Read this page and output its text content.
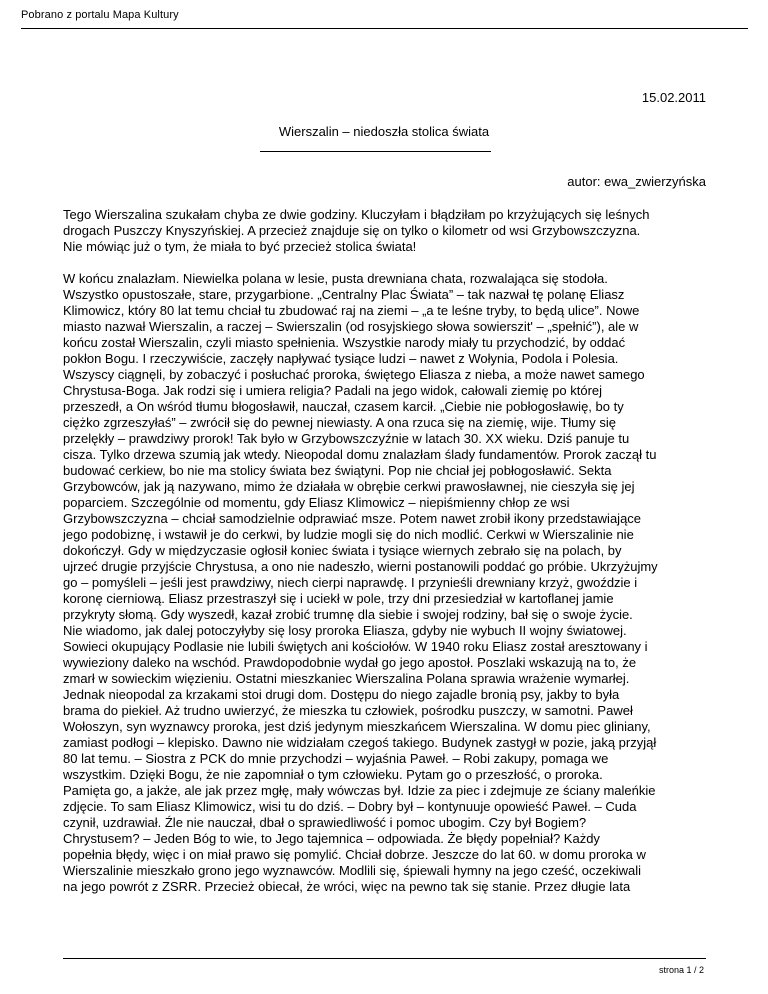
Pobrano z portalu Mapa Kultury
15.02.2011
Wierszalin – niedoszła stolica świata
autor: ewa_zwierzyńska

Tego Wierszalina szukałam chyba ze dwie godziny. Kluczyłam i błądziłam po krzyżujących się leśnych
drogach Puszczy Knyszyńskiej. A przecież znajduje się on tylko o kilometr od wsi Grzybowszczyzna.
Nie mówiąc już o tym, że miała to być przecież stolica świata!

W końcu znalazłam. Niewielka polana w lesie, pusta drewniana chata, rozwalająca się stodoła.
Wszystko opustoszałe, stare, przygarbione. „Centralny Plac Świata” – tak nazwał tę polanę Eliasz
Klimowicz, który 80 lat temu chciał tu zbudować raj na ziemi – „a te leśne tryby, to będą ulice”. Nowe
miasto nazwał Wierszalin, a raczej – Swierszalin (od rosyjskiego słowa sowierszit' – „spełnić”), ale w
końcu został Wierszalin, czyli miasto spełnienia. Wszystkie narody miały tu przychodzić, by oddać
pokłon Bogu. I rzeczywiście, zaczęły napływać tysiące ludzi – nawet z Wołynia, Podola i Polesia.
Wszyscy ciągnęli, by zobaczyć i posłuchać proroka, świętego Eliasza z nieba, a może nawet samego
Chrystusa-Boga. Jak rodzi się i umiera religia? Padali na jego widok, całowali ziemię po której
przeszedł, a On wśród tłumu błogosławił, nauczał, czasem karcił. „Ciebie nie pobłogosławię, bo ty
ciężko zgrzeszyłaś” – zwrócił się do pewnej niewiasty. A ona rzuca się na ziemię, wije. Tłumy się
przelękły – prawdziwy prorok! Tak było w Grzybowszczyźnie w latach 30. XX wieku. Dziś panuje tu
cisza. Tylko drzewa szumią jak wtedy. Nieopodal domu znalazłam ślady fundamentów. Prorok zaczął tu
budować cerkiew, bo nie ma stolicy świata bez świątyni. Pop nie chciał jej pobłogosławić. Sekta
Grzybowców, jak ją nazywano, mimo że działała w obrębie cerkwi prawosławnej, nie cieszyła się jej
poparciem. Szczególnie od momentu, gdy Eliasz Klimowicz – niepiśmienny chłop ze wsi
Grzybowszczyzna – chciał samodzielnie odprawiać msze. Potem nawet zrobił ikony przedstawiające
jego podobiznę, i wstawił je do cerkwi, by ludzie mogli się do nich modlić. Cerkwi w Wierszalinie nie
dokończył. Gdy w międzyczasie ogłosił koniec świata i tysiące wiernych zebrało się na polach, by
ujrzeć drugie przyjście Chrystusa, a ono nie nadeszło, wierni postanowili poddać go próbie. Ukrzyżujmy
go – pomyśleli – jeśli jest prawdziwy, niech cierpi naprawdę. I przynieśli drewniany krzyż, gwoździe i
koronę cierniową. Eliasz przestraszył się i uciekł w pole, trzy dni przesiedział w kartoflanej jamie
przykryty słomą. Gdy wyszedł, kazał zrobić trumnę dla siebie i swojej rodziny, bał się o swoje życie.
Nie wiadomo, jak dalej potoczyłyby się losy proroka Eliasza, gdyby nie wybuch II wojny światowej.
Sowieci okupujący Podlasie nie lubili świętych ani kościołów. W 1940 roku Eliasz został aresztowany i
wywieziony daleko na wschód. Prawdopodobnie wydał go jego apostoł. Poszlaki wskazują na to, że
zmarł w sowieckim więzieniu. Ostatni mieszkaniec Wierszalina Polana sprawia wrażenie wymarłej.
Jednak nieopodal za krzakami stoi drugi dom. Dostępu do niego zajadle bronią psy, jakby to była
brama do piekieł. Aż trudno uwierzyć, że mieszka tu człowiek, pośrodku puszczy, w samotni. Paweł
Wołoszyn, syn wyznawcy proroka, jest dziś jedynym mieszkańcem Wierszalina. W domu piec gliniany,
zamiast podłogi – klepisko. Dawno nie widziałam czegoś takiego. Budynek zastygł w pozie, jaką przyjął
80 lat temu. – Siostra z PCK do mnie przychodzi – wyjaśnia Paweł. – Robi zakupy, pomaga we
wszystkim. Dzięki Bogu, że nie zapomniał o tym człowieku. Pytam go o przeszłość, o proroka.
Pamięta go, a jakże, ale jak przez mgłę, mały wówczas był. Idzie za piec i zdejmuje ze ściany maleńkie
zdjęcie. To sam Eliasz Klimowicz, wisi tu do dziś. – Dobry był – kontynuuje opowieść Paweł. – Cuda
czynił, uzdrawiał. Źle nie nauczał, dbał o sprawiedliwość i pomoc ubogim. Czy był Bogiem?
Chrystusem? – Jeden Bóg to wie, to Jego tajemnica – odpowiada. Że błędy popełniał? Każdy
popełnia błędy, więc i on miał prawo się pomylić. Chciał dobrze. Jeszcze do lat 60. w domu proroka w
Wierszalinie mieszkało grono jego wyznawców. Modlili się, śpiewali hymny na jego cześć, oczekiwali
na jego powrót z ZSRR. Przecież obiecał, że wróci, więc na pewno tak się stanie. Przez długie lata

strona 1 / 2
